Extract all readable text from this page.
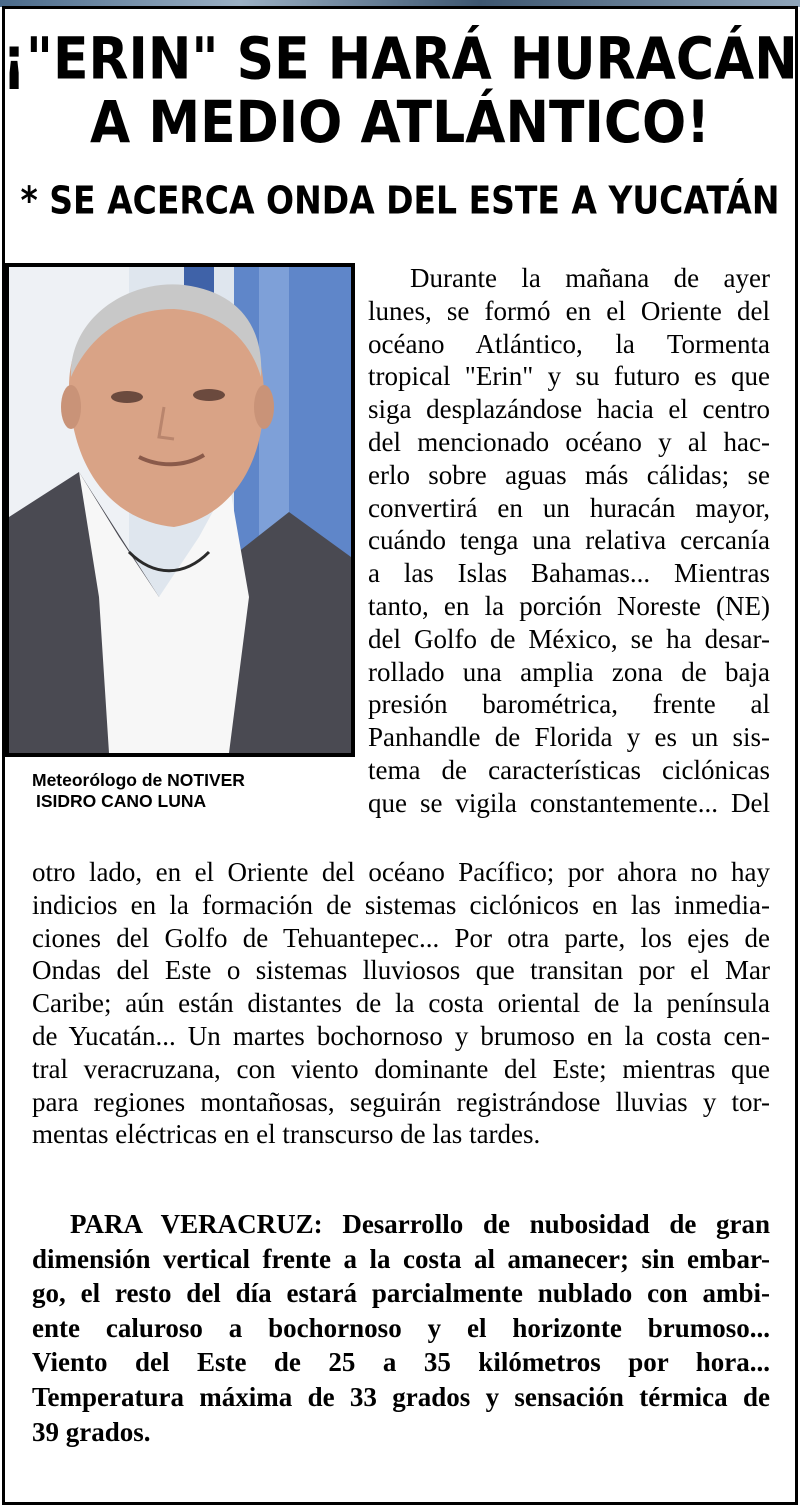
¡"ERIN" SE HARÁ HURACÁN
A MEDIO ATLÁNTICO!
* SE ACERCA ONDA DEL ESTE A YUCATÁN
Meteorólogo de NOTIVER
ISIDRO CANO LUNA
Durante la mañana de ayer
lunes, se formó en el Oriente del
océano Atlántico, la Tormenta
tropical "Erin" y su futuro es que
siga desplazándose hacia el centro
del mencionado océano y al hac-
erlo sobre aguas más cálidas; se
convertirá en un huracán mayor,
cuándo tenga una relativa cercanía
a las Islas Bahamas... Mientras
tanto, en la porción Noreste (NE)
del Golfo de México, se ha desar-
rollado una amplia zona de baja
presión barométrica, frente al
Panhandle de Florida y es un sis-
tema de características ciclónicas
que se vigila constantemente... Del
otro lado, en el Oriente del océano Pacífico; por ahora no hay
indicios en la formación de sistemas ciclónicos en las inmedia-
ciones del Golfo de Tehuantepec... Por otra parte, los ejes de
Ondas del Este o sistemas lluviosos que transitan por el Mar
Caribe; aún están distantes de la costa oriental de la península
de Yucatán... Un martes bochornoso y brumoso en la costa cen-
tral veracruzana, con viento dominante del Este; mientras que
para regiones montañosas, seguirán registrándose lluvias y tor-
mentas eléctricas en el transcurso de las tardes.
PARA VERACRUZ: Desarrollo de nubosidad de gran
dimensión vertical frente a la costa al amanecer; sin embar-
go, el resto del día estará parcialmente nublado con ambi-
ente caluroso a bochornoso y el horizonte brumoso...
Viento del Este de 25 a 35 kilómetros por hora...
Temperatura máxima de 33 grados y sensación térmica de
39 grados.
